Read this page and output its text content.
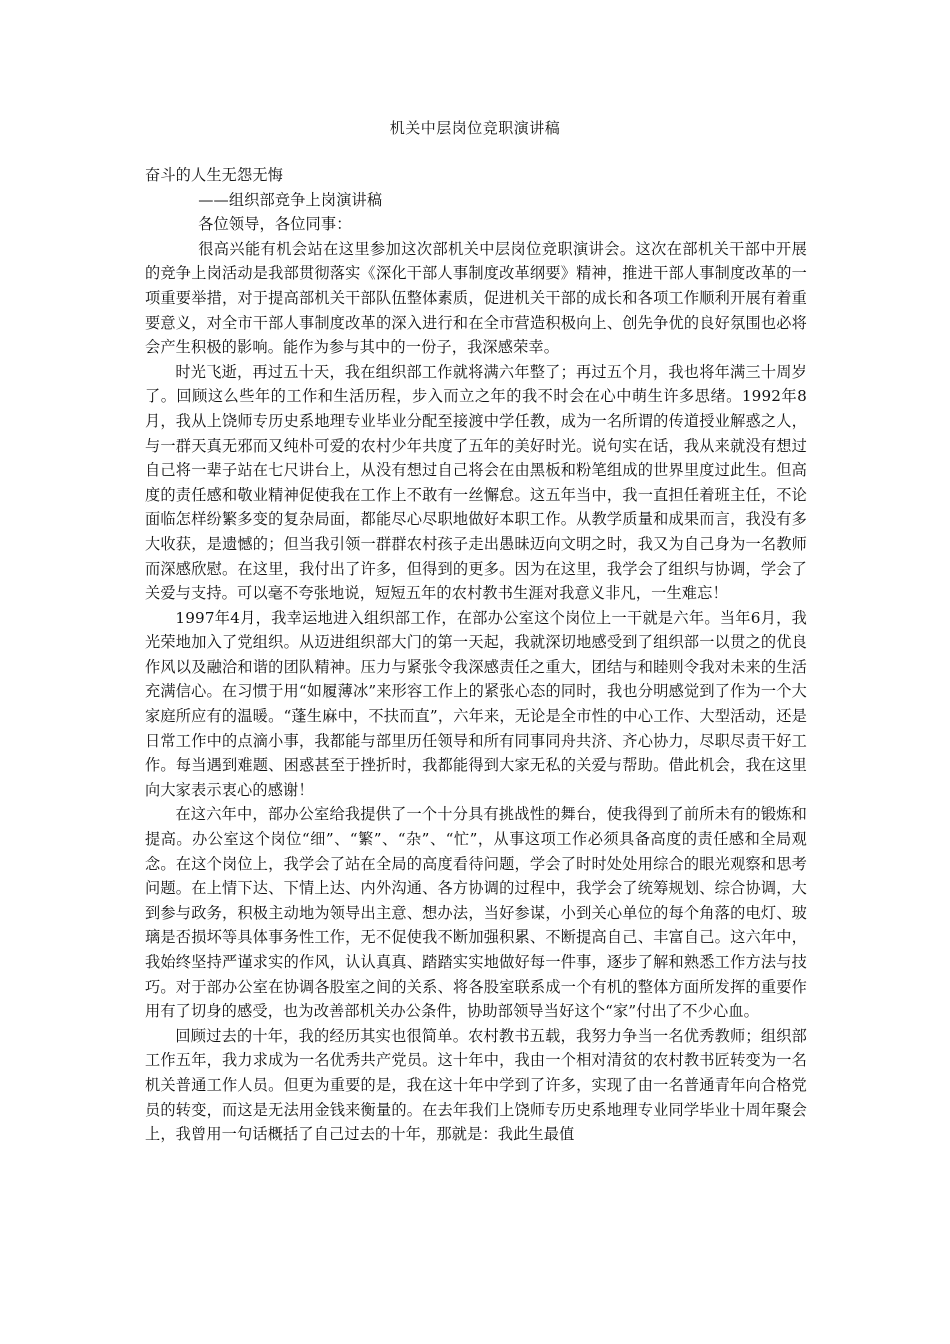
机关中层岗位竞职演讲稿

奋斗的人生无怨无悔

——组织部竞争上岗演讲稿

各位领导，各位同事：

很高兴能有机会站在这里参加这次部机关中层岗位竞职演讲会。这次在部机关干部中开展的竞争上岗活动是我部贯彻落实《深化干部人事制度改革纲要》精神，推进干部人事制度改革的一项重要举措，对于提高部机关干部队伍整体素质，促进机关干部的成长和各项工作顺利开展有着重要意义，对全市干部人事制度改革的深入进行和在全市营造积极向上、创先争优的良好氛围也必将会产生积极的影响。能作为参与其中的一份子，我深感荣幸。

时光飞逝，再过五十天，我在组织部工作就将满六年整了；再过五个月，我也将年满三十周岁了。回顾这么些年的工作和生活历程，步入而立之年的我不时会在心中萌生许多思绪。1992年8月，我从上饶师专历史系地理专业毕业分配至接渡中学任教，成为一名所谓的传道授业解惑之人，与一群天真无邪而又纯朴可爱的农村少年共度了五年的美好时光。说句实在话，我从来就没有想过自己将一辈子站在七尺讲台上，从没有想过自己将会在由黑板和粉笔组成的世界里度过此生。但高度的责任感和敬业精神促使我在工作上不敢有一丝懈怠。这五年当中，我一直担任着班主任，不论面临怎样纷繁多变的复杂局面，都能尽心尽职地做好本职工作。从教学质量和成果而言，我没有多大收获，是遗憾的；但当我引领一群群农村孩子走出愚昧迈向文明之时，我又为自己身为一名教师而深感欣慰。在这里，我付出了许多，但得到的更多。因为在这里，我学会了组织与协调，学会了关爱与支持。可以毫不夸张地说，短短五年的农村教书生涯对我意义非凡，一生难忘！

1997年4月，我幸运地进入组织部工作，在部办公室这个岗位上一干就是六年。当年6月，我光荣地加入了党组织。从迈进组织部大门的第一天起，我就深切地感受到了组织部一以贯之的优良作风以及融洽和谐的团队精神。压力与紧张令我深感责任之重大，团结与和睦则令我对未来的生活充满信心。在习惯于用“如履薄冰”来形容工作上的紧张心态的同时，我也分明感觉到了作为一个大家庭所应有的温暖。“蓬生麻中，不扶而直”，六年来，无论是全市性的中心工作、大型活动，还是日常工作中的点滴小事，我都能与部里历任领导和所有同事同舟共济、齐心协力，尽职尽责干好工作。每当遇到难题、困惑甚至于挫折时，我都能得到大家无私的关爱与帮助。借此机会，我在这里向大家表示衷心的感谢！

在这六年中，部办公室给我提供了一个十分具有挑战性的舞台，使我得到了前所未有的锻炼和提高。办公室这个岗位“细”、“繁”、“杂”、“忙”，从事这项工作必须具备高度的责任感和全局观念。在这个岗位上，我学会了站在全局的高度看待问题，学会了时时处处用综合的眼光观察和思考问题。在上情下达、下情上达、内外沟通、各方协调的过程中，我学会了统筹规划、综合协调，大到参与政务，积极主动地为领导出主意、想办法，当好参谋，小到关心单位的每个角落的电灯、玻璃是否损坏等具体事务性工作，无不促使我不断加强积累、不断提高自己、丰富自己。这六年中，我始终坚持严谨求实的作风，认认真真、踏踏实实地做好每一件事，逐步了解和熟悉工作方法与技巧。对于部办公室在协调各股室之间的关系、将各股室联系成一个有机的整体方面所发挥的重要作用有了切身的感受，也为改善部机关办公条件，协助部领导当好这个“家”付出了不少心血。

回顾过去的十年，我的经历其实也很简单。农村教书五载，我努力争当一名优秀教师；组织部工作五年，我力求成为一名优秀共产党员。这十年中，我由一个相对清贫的农村教书匠转变为一名机关普通工作人员。但更为重要的是，我在这十年中学到了许多，实现了由一名普通青年向合格党员的转变，而这是无法用金钱来衡量的。在去年我们上饶师专历史系地理专业同学毕业十周年聚会上，我曾用一句话概括了自己过去的十年，那就是：我此生最值
